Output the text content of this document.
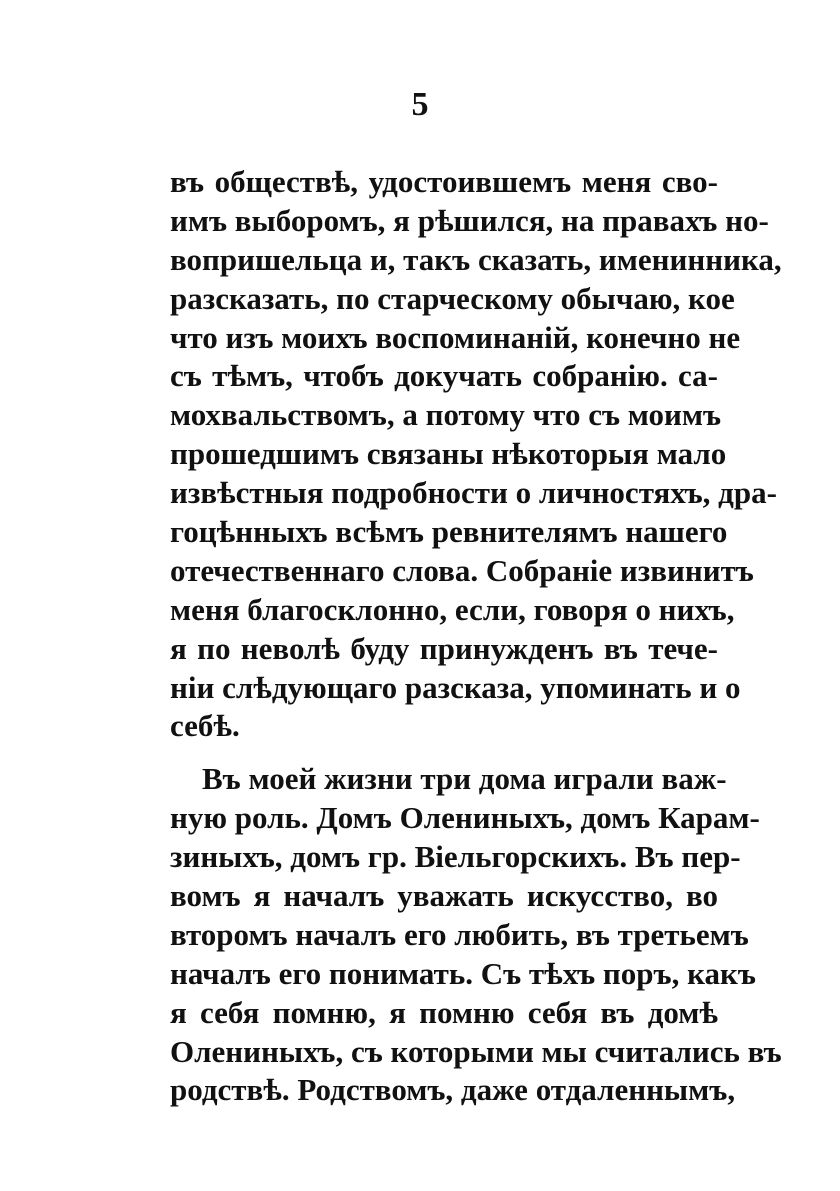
5
въ обществѣ, удостоившемъ меня сво-
имъ выборомъ, я рѣшился, на правахъ но-
вопришельца и, такъ сказать, именинника,
разсказать, по старческому обычаю, кое
что изъ моихъ воспоминаній, конечно не
съ тѣмъ, чтобъ докучать собранію. са-
мохвальствомъ, а потому что съ моимъ
прошедшимъ связаны нѣкоторыя мало
извѣстныя подробности о личностяхъ, дра-
гоцѣнныхъ всѣмъ ревнителямъ нашего
отечественнаго слова. Собраніе извинитъ
меня благосклонно, если, говоря о нихъ,
я по неволѣ буду принужденъ въ тече-
ніи слѣдующаго разсказа, упоминать и о
себѣ.
Въ моей жизни три дома играли важ-
ную роль. Домъ Олениныхъ, домъ Карам-
зиныхъ, домъ гр. Віельгорскихъ. Въ пер-
вомъ я началъ уважать искусство, во
второмъ началъ его любить, въ третьемъ
началъ его понимать. Съ тѣхъ поръ, какъ
я себя помню, я помню себя въ домѣ
Олениныхъ, съ которыми мы считались въ
родствѣ. Родствомъ, даже отдаленнымъ,
